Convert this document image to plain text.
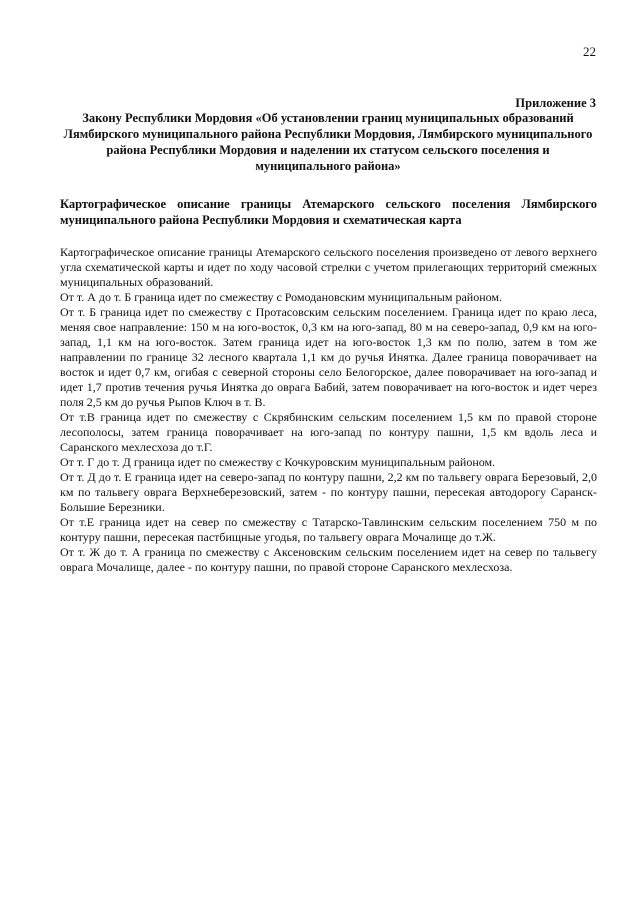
22
Приложение 3
Закону Республики Мордовия «Об установлении границ муниципальных образований Лямбирского муниципального района Республики Мордовия, Лямбирского муниципального района Республики Мордовия и наделении их статусом сельского поселения и муниципального района»
Картографическое описание границы Атемарского сельского поселения Лямбирского муниципального района Республики Мордовия и схематическая карта

Картографическое описание границы Атемарского сельского поселения произведено от левого верхнего угла схематической карты и идет по ходу часовой стрелки с учетом прилегающих территорий смежных муниципальных образований.

От т. А до т. Б граница идет по смежеству с Ромодановским муниципальным районом.

От т. Б граница идет по смежеству с Протасовским сельским поселением. Граница идет по краю леса, меняя свое направление: 150 м на юго-восток, 0,3 км на юго-запад, 80 м на северо-запад, 0,9 км на юго-запад, 1,1 км на юго-восток. Затем граница идет на юго-восток 1,3 км по полю, затем в том же направлении по границе 32 лесного квартала 1,1 км до ручья Инятка. Далее граница поворачивает на восток и идет 0,7 км, огибая с северной стороны село Белогорское, далее поворачивает на юго-запад и идет 1,7 против течения ручья Инятка до оврага Бабий, затем поворачивает на юго-восток и идет через поля 2,5 км до ручья Рыпов Ключ в т. В.

От т.В граница идет по смежеству с Скрябинским сельским поселением 1,5 км по правой стороне лесополосы, затем граница поворачивает на юго-запад по контуру пашни, 1,5 км вдоль леса и Саранского мехлесхоза до т.Г.

От т. Г до т. Д граница идет по смежеству с Кочкуровским муниципальным районом.

От т. Д до т. Е граница идет на северо-запад по контуру пашни, 2,2 км по тальвегу оврага Березовый, 2,0 км по тальвегу оврага Верхнеберезовский, затем - по контуру пашни, пересекая автодорогу Саранск-Большие Березники.

От т.Е граница идет на север по смежеству с Татарско-Тавлинским сельским поселением 750 м по контуру пашни, пересекая пастбищные угодья, по тальвегу оврага Мочалище до т.Ж.

От т. Ж до т. А граница по смежеству с Аксеновским сельским поселением идет на север по тальвегу оврага Мочалище, далее - по контуру пашни, по правой стороне Саранского мехлесхоза.
